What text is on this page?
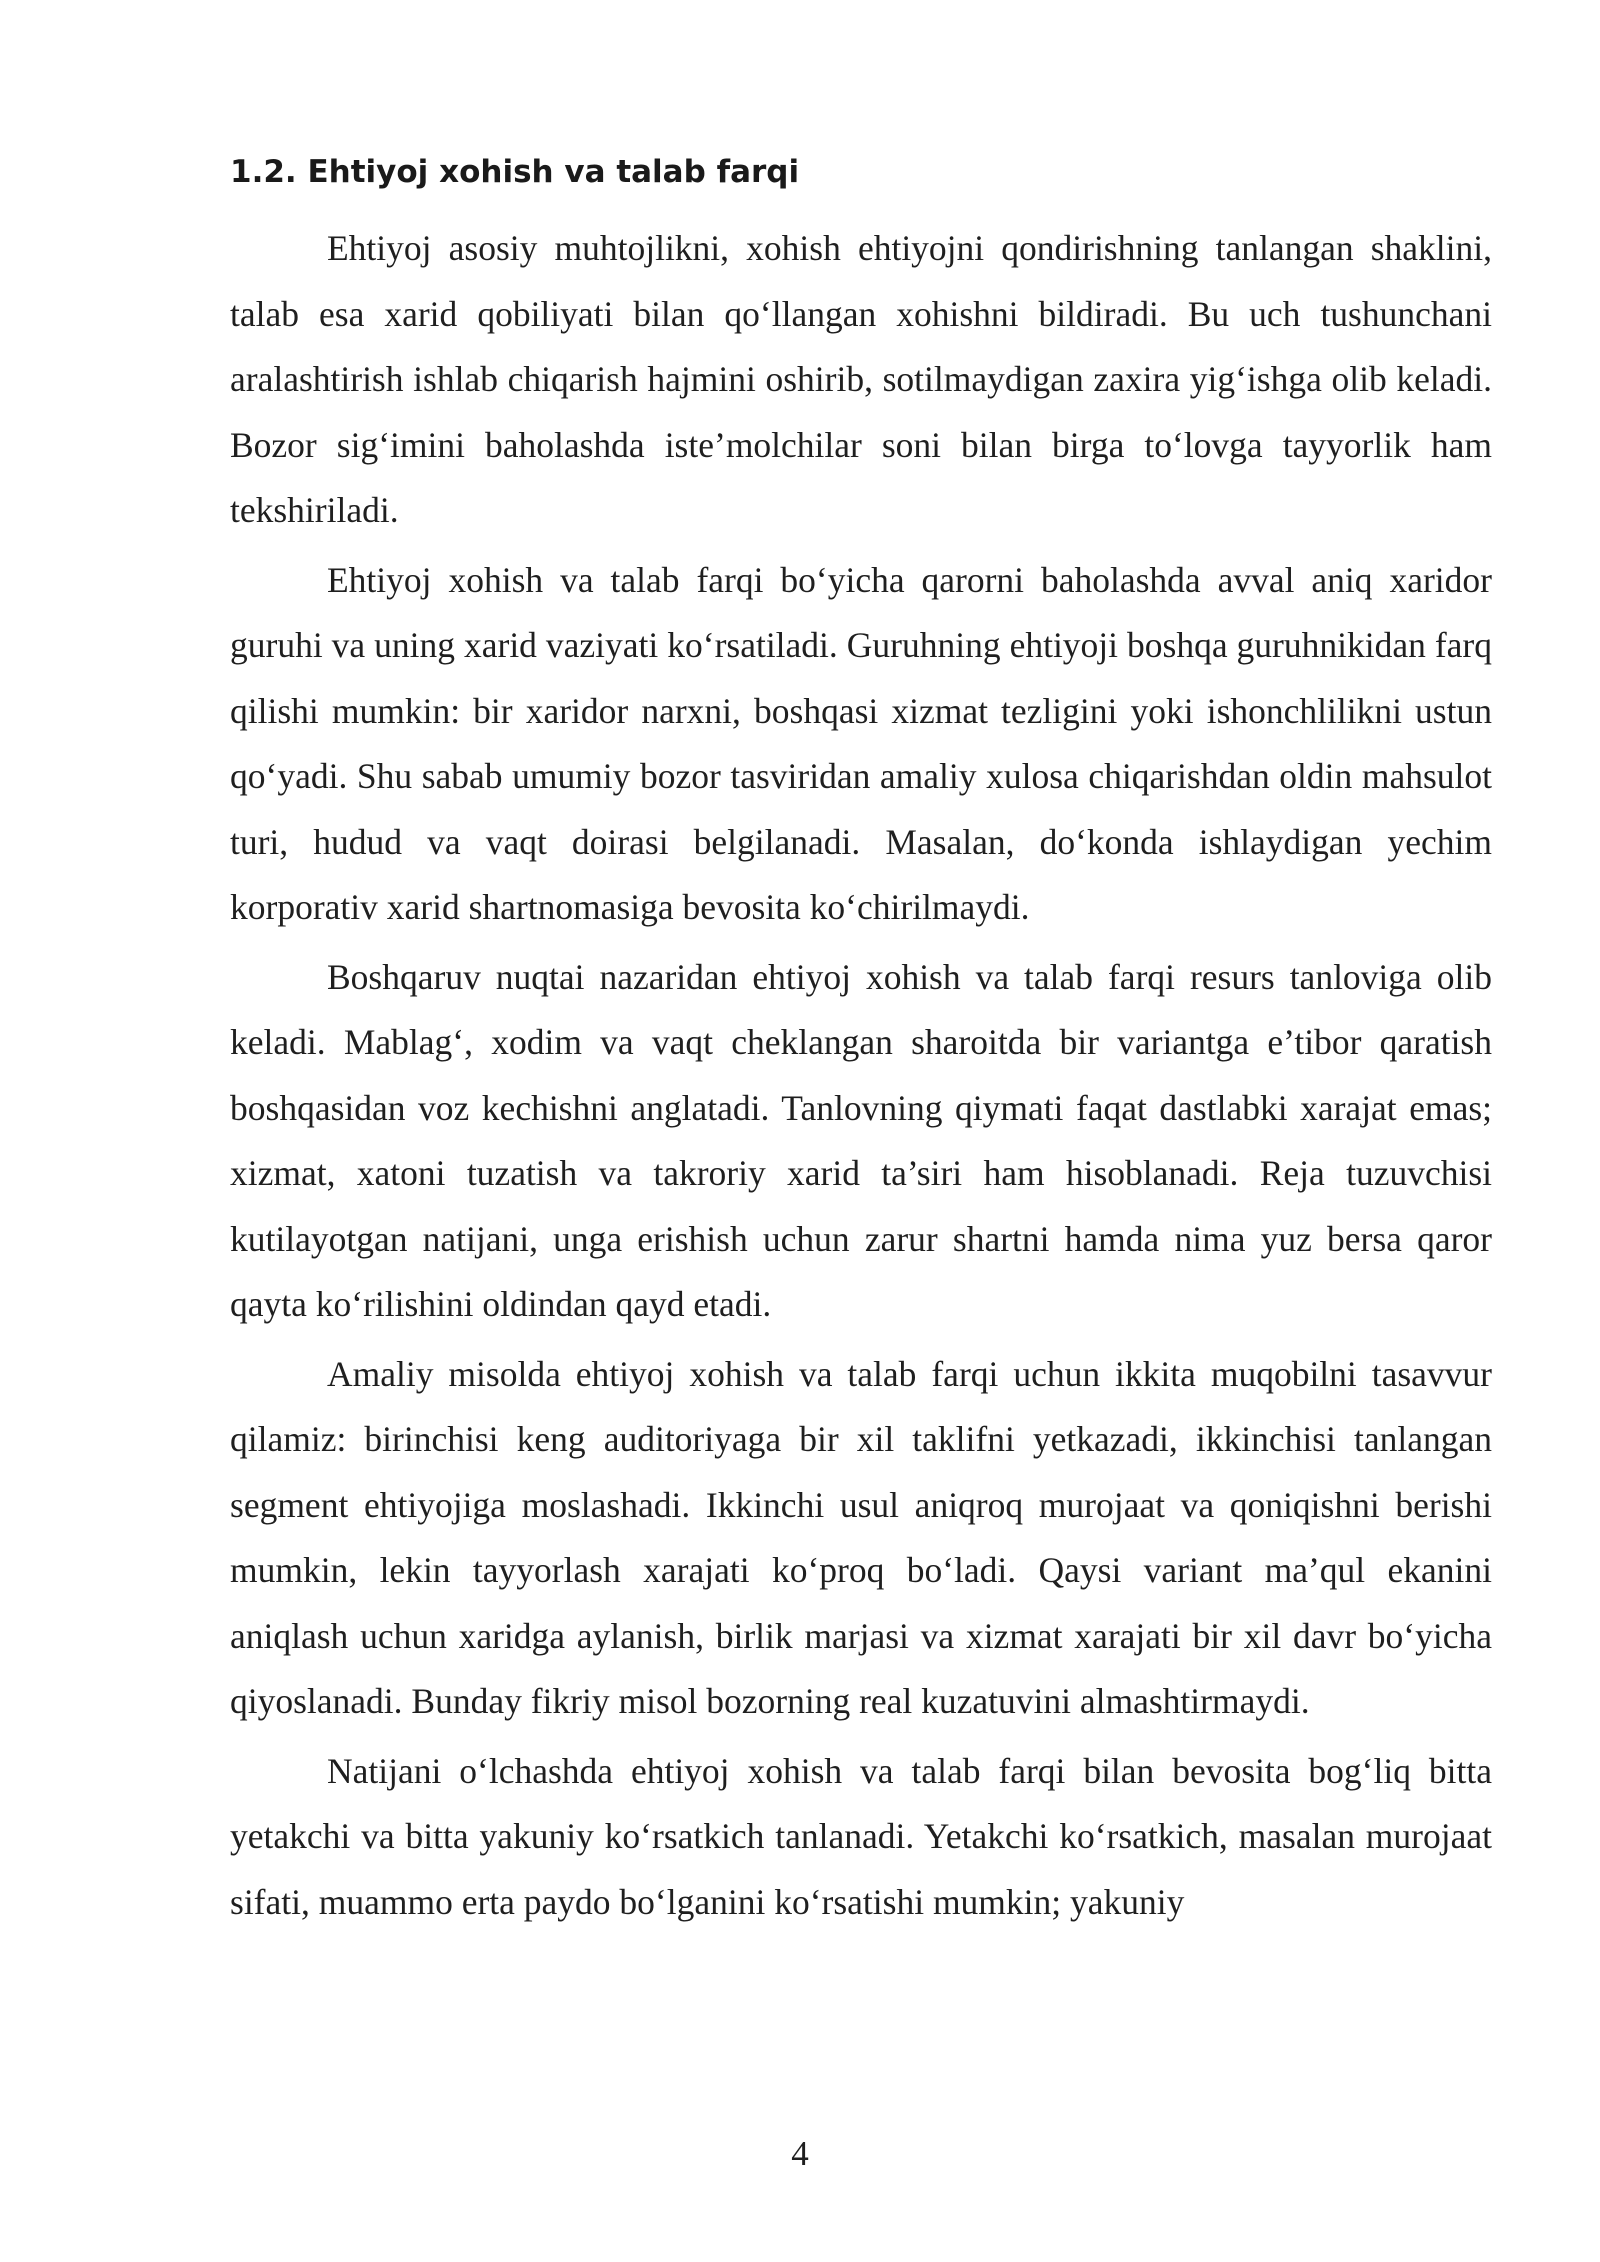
1.2. Ehtiyoj xohish va talab farqi

Ehtiyoj asosiy muhtojlikni, xohish ehtiyojni qondirishning tanlangan shaklini, talab esa xarid qobiliyati bilan qo‘llangan xohishni bildiradi. Bu uch tushunchani aralashtirish ishlab chiqarish hajmini oshirib, sotilmaydigan zaxira yig‘ishga olib keladi. Bozor sig‘imini baholashda iste’molchilar soni bilan birga to‘lovga tayyorlik ham tekshiriladi.

Ehtiyoj xohish va talab farqi bo‘yicha qarorni baholashda avval aniq xaridor guruhi va uning xarid vaziyati ko‘rsatiladi. Guruhning ehtiyoji boshqa guruhnikidan farq qilishi mumkin: bir xaridor narxni, boshqasi xizmat tezligini yoki ishonchlilikni ustun qo‘yadi. Shu sabab umumiy bozor tasviridan amaliy xulosa chiqarishdan oldin mahsulot turi, hudud va vaqt doirasi belgilanadi. Masalan, do‘konda ishlaydigan yechim korporativ xarid shartnomasiga bevosita ko‘chirilmaydi.

Boshqaruv nuqtai nazaridan ehtiyoj xohish va talab farqi resurs tanloviga olib keladi. Mablag‘, xodim va vaqt cheklangan sharoitda bir variantga e’tibor qaratish boshqasidan voz kechishni anglatadi. Tanlovning qiymati faqat dastlabki xarajat emas; xizmat, xatoni tuzatish va takroriy xarid ta’siri ham hisoblanadi. Reja tuzuvchisi kutilayotgan natijani, unga erishish uchun zarur shartni hamda nima yuz bersa qaror qayta ko‘rilishini oldindan qayd etadi.

Amaliy misolda ehtiyoj xohish va talab farqi uchun ikkita muqobilni tasavvur qilamiz: birinchisi keng auditoriyaga bir xil taklifni yetkazadi, ikkinchisi tanlangan segment ehtiyojiga moslashadi. Ikkinchi usul aniqroq murojaat va qoniqishni berishi mumkin, lekin tayyorlash xarajati ko‘proq bo‘ladi. Qaysi variant ma’qul ekanini aniqlash uchun xaridga aylanish, birlik marjasi va xizmat xarajati bir xil davr bo‘yicha qiyoslanadi. Bunday fikriy misol bozorning real kuzatuvini almashtirmaydi.

Natijani o‘lchashda ehtiyoj xohish va talab farqi bilan bevosita bog‘liq bitta yetakchi va bitta yakuniy ko‘rsatkich tanlanadi. Yetakchi ko‘rsatkich, masalan murojaat sifati, muammo erta paydo bo‘lganini ko‘rsatishi mumkin; yakuniy

4
